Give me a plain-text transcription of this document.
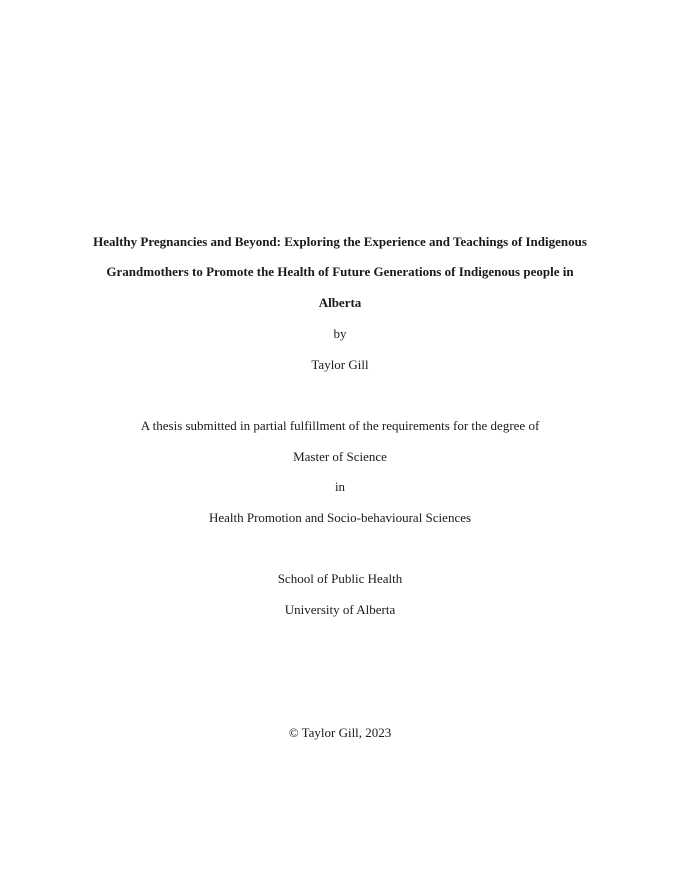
Healthy Pregnancies and Beyond: Exploring the Experience and Teachings of Indigenous
Grandmothers to Promote the Health of Future Generations of Indigenous people in
Alberta
by
Taylor Gill
A thesis submitted in partial fulfillment of the requirements for the degree of
Master of Science
in
Health Promotion and Socio-behavioural Sciences
School of Public Health
University of Alberta
© Taylor Gill, 2023
